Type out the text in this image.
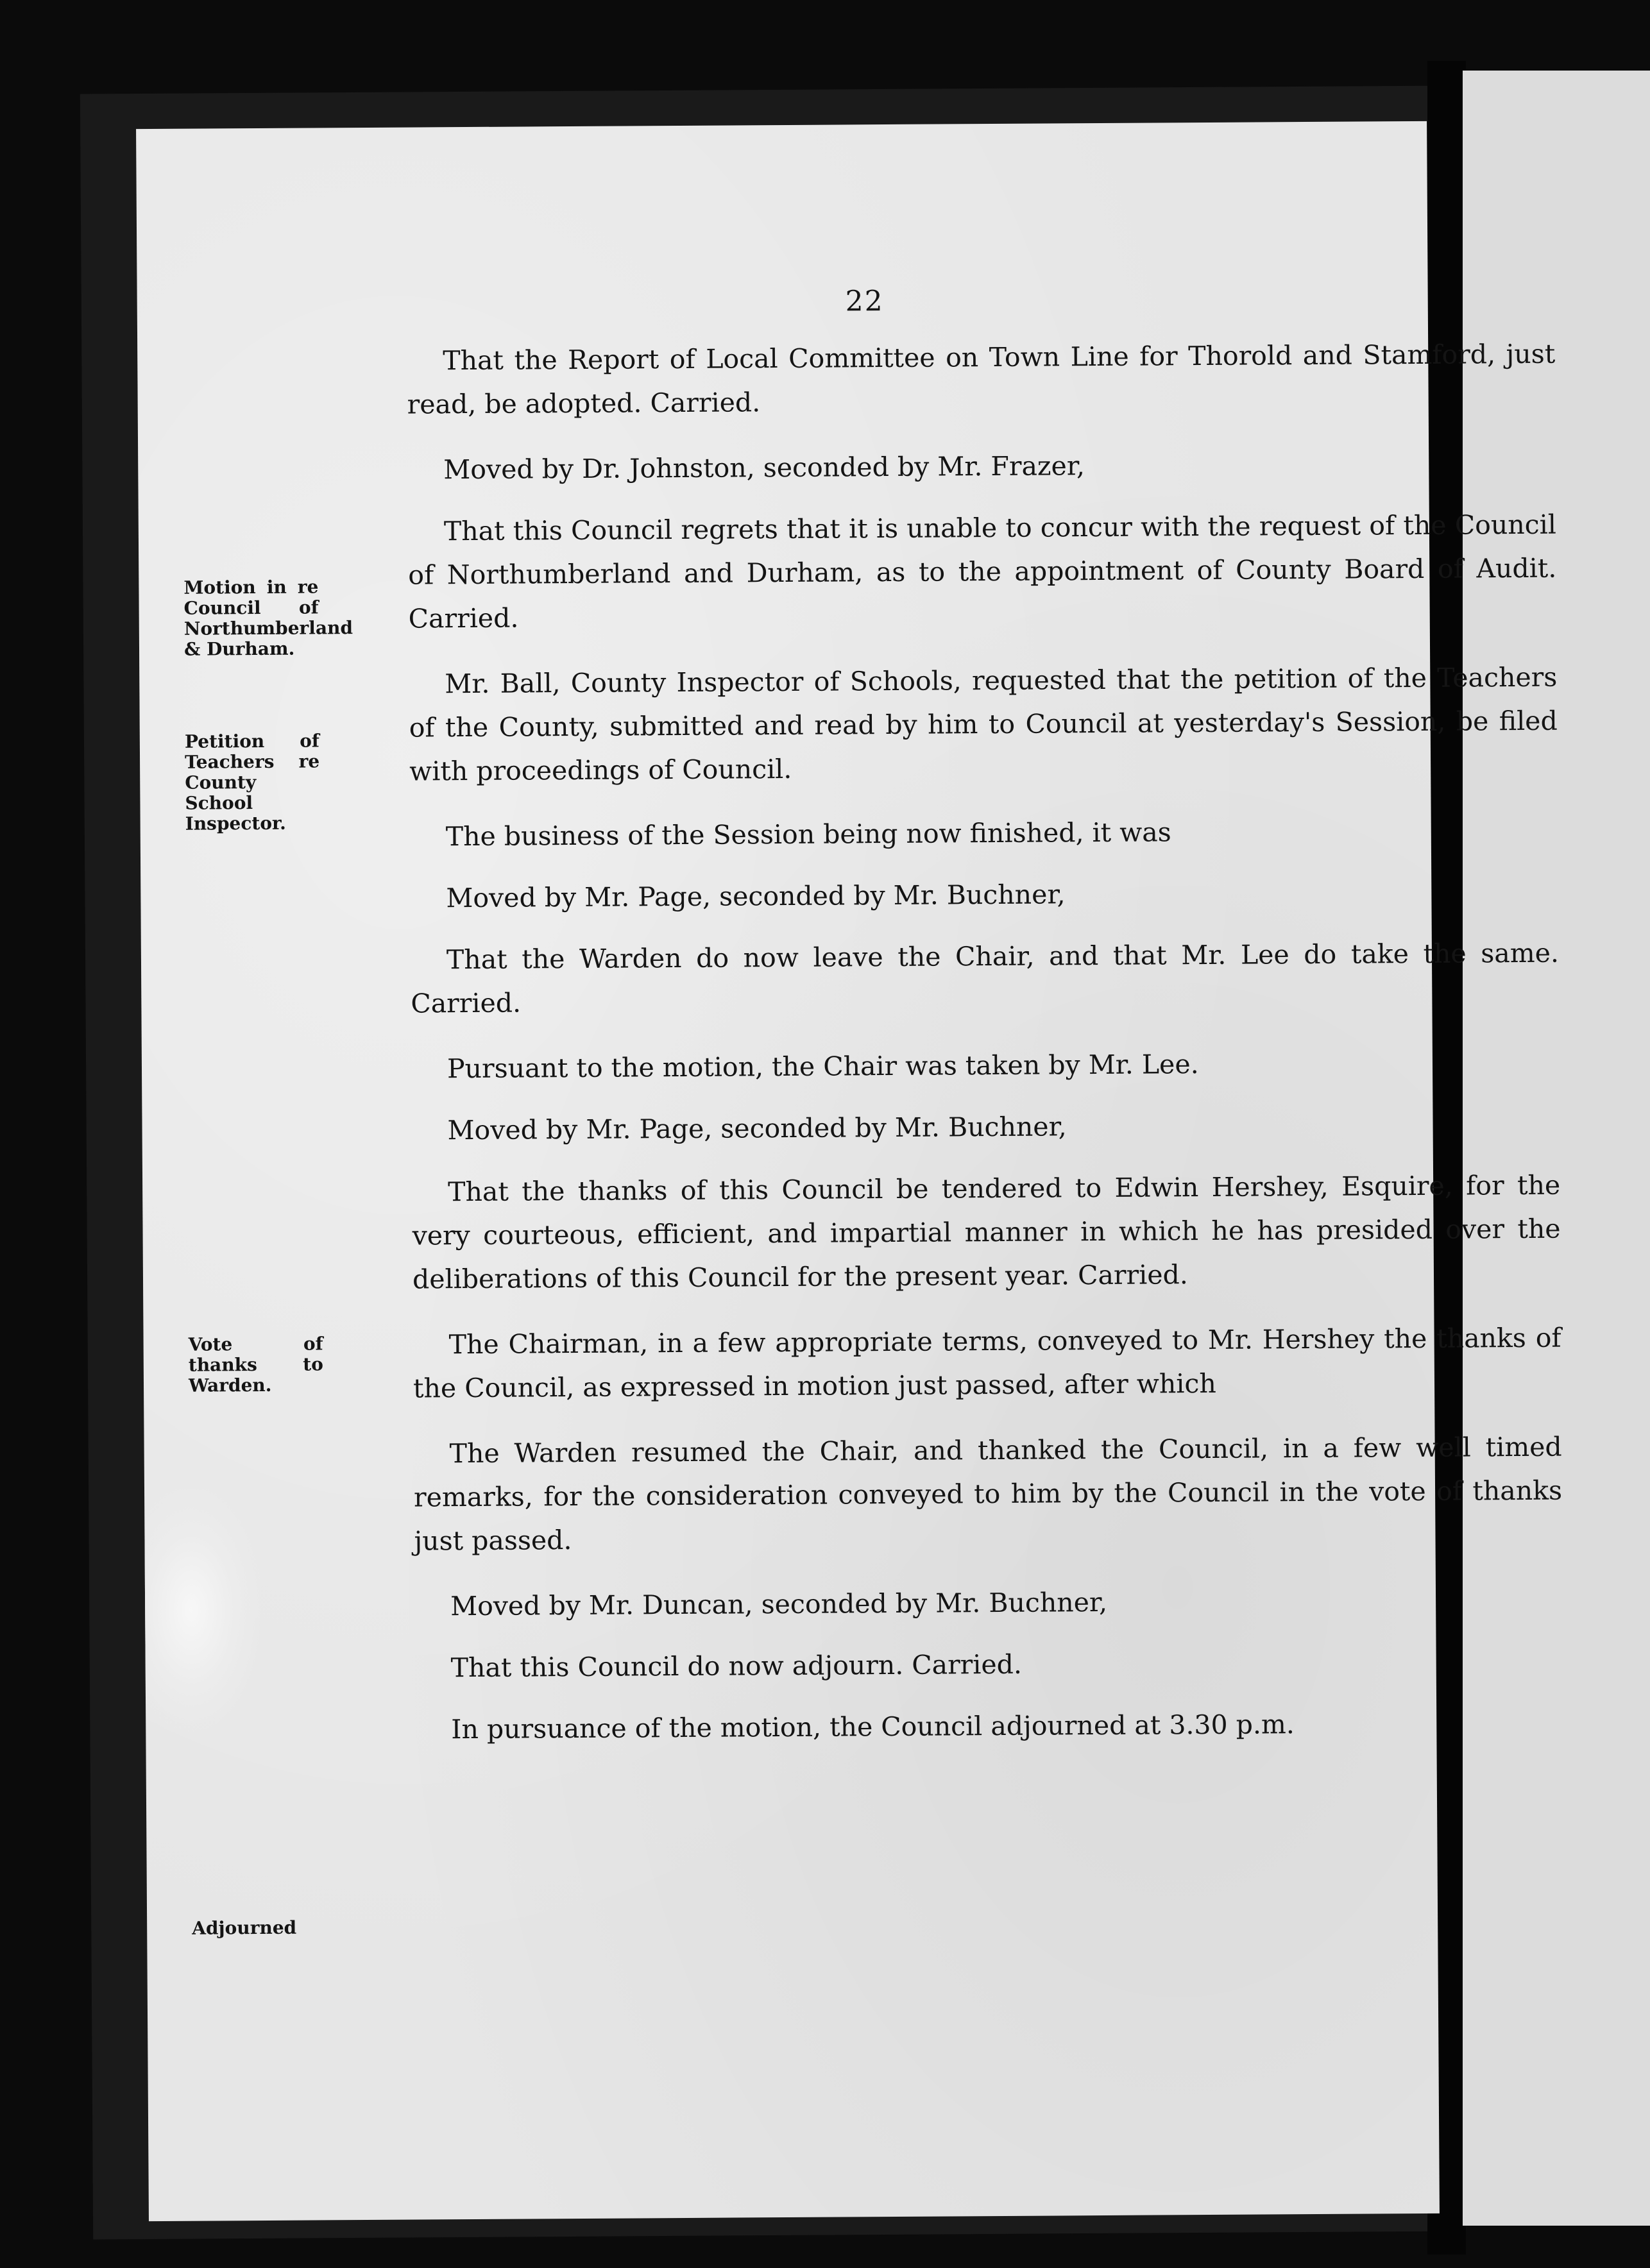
22
Motion in re Council of Northumberland & Durham.
Petition of Teachers re County School Inspector.
Vote of thanks to Warden.
Adjourned

That the Report of Local Committee on Town Line for Thorold and Stamford, just read, be adopted. Carried.

Moved by Dr. Johnston, seconded by Mr. Frazer,

That this Council regrets that it is unable to concur with the request of the Council of Northumberland and Durham, as to the appointment of County Board of Audit. Carried.

Mr. Ball, County Inspector of Schools, requested that the petition of the Teachers of the County, submitted and read by him to Council at yesterday's Session, be filed with proceedings of Council.

The business of the Session being now finished, it was

Moved by Mr. Page, seconded by Mr. Buchner,

That the Warden do now leave the Chair, and that Mr. Lee do take the same. Carried.

Pursuant to the motion, the Chair was taken by Mr. Lee.

Moved by Mr. Page, seconded by Mr. Buchner,

That the thanks of this Council be tendered to Edwin Hershey, Esquire, for the very courteous, efficient, and impartial manner in which he has presided over the deliberations of this Council for the present year. Carried.

The Chairman, in a few appropriate terms, conveyed to Mr. Hershey the thanks of the Council, as expressed in motion just passed, after which

The Warden resumed the Chair, and thanked the Council, in a few well timed remarks, for the consideration conveyed to him by the Council in the vote of thanks just passed.

Moved by Mr. Duncan, seconded by Mr. Buchner,

That this Council do now adjourn. Carried.

In pursuance of the motion, the Council adjourned at 3.30 p.m.
